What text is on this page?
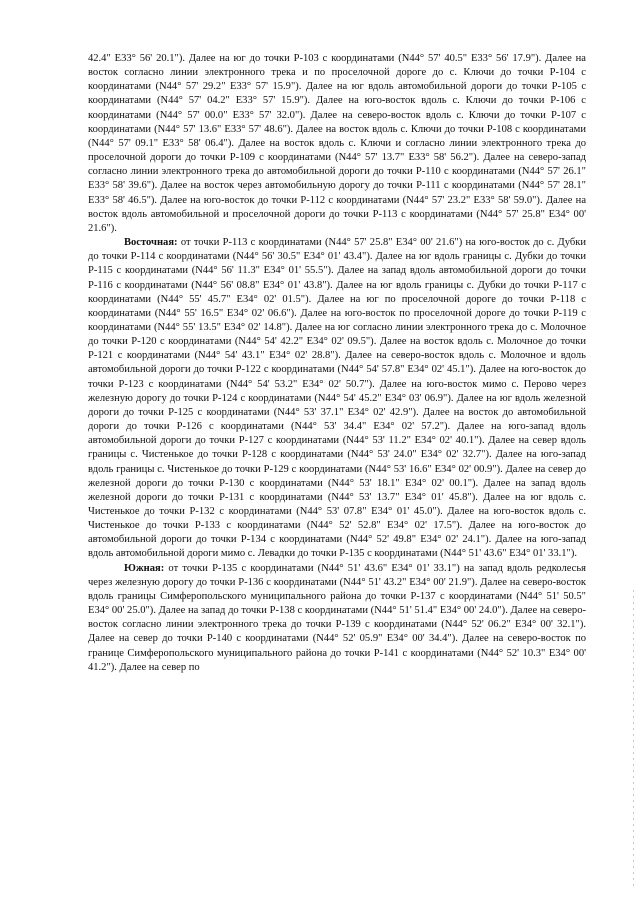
42.4" E33° 56' 20.1"). Далее на юг до точки Р-103 с координатами (N44° 57' 40.5" E33° 56' 17.9"). Далее на восток согласно линии электронного трека и по проселочной дороге до с. Ключи до точки Р-104 с координатами (N44° 57' 29.2" E33° 57' 15.9"). Далее на юг вдоль автомобильной дороги до точки Р-105 с координатами (N44° 57' 04.2" E33° 57' 15.9"). Далее на юго-восток вдоль с. Ключи до точки Р-106 с координатами (N44° 57' 00.0" E33° 57' 32.0"). Далее на северо-восток вдоль с. Ключи до точки Р-107 с координатами (N44° 57' 13.6" E33° 57' 48.6"). Далее на восток вдоль с. Ключи до точки Р-108 с координатами (N44° 57' 09.1" E33° 58' 06.4"). Далее на восток вдоль с. Ключи и согласно линии электронного трека до проселочной дороги до точки Р-109 с координатами (N44° 57' 13.7" E33° 58' 56.2"). Далее на северо-запад согласно линии электронного трека до автомобильной дороги до точки Р-110 с координатами (N44° 57' 26.1" E33° 58' 39.6"). Далее на восток через автомобильную дорогу до точки Р-111 с координатами (N44° 57' 28.1" E33° 58' 46.5"). Далее на юго-восток до точки Р-112 с координатами (N44° 57' 23.2" E33° 58' 59.0"). Далее на восток вдоль автомобильной и проселочной дороги до точки Р-113 с координатами (N44° 57' 25.8" E34° 00' 21.6").

Восточная: от точки Р-113 с координатами (N44° 57' 25.8" E34° 00' 21.6") на юго-восток до с. Дубки до точки Р-114 с координатами (N44° 56' 30.5" E34° 01' 43.4"). Далее на юг вдоль границы с. Дубки до точки Р-115 с координатами (N44° 56' 11.3" E34° 01' 55.5"). Далее на запад вдоль автомобильной дороги до точки Р-116 с координатами (N44° 56' 08.8" E34° 01' 43.8"). Далее на юг вдоль границы с. Дубки до точки Р-117 с координатами (N44° 55' 45.7" E34° 02' 01.5"). Далее на юг по проселочной дороге до точки Р-118 с координатами (N44° 55' 16.5" E34° 02' 06.6"). Далее на юго-восток по проселочной дороге до точки Р-119 с координатами (N44° 55' 13.5" E34° 02' 14.8"). Далее на юг согласно линии электронного трека до с. Молочное до точки Р-120 с координатами (N44° 54' 42.2" E34° 02' 09.5"). Далее на восток вдоль с. Молочное до точки Р-121 с координатами (N44° 54' 43.1" E34° 02' 28.8"). Далее на северо-восток вдоль с. Молочное и вдоль автомобильной дороги до точки Р-122 с координатами (N44° 54' 57.8" E34° 02' 45.1"). Далее на юго-восток до точки Р-123 с координатами (N44° 54' 53.2" E34° 02' 50.7"). Далее на юго-восток мимо с. Перово через железную дорогу до точки Р-124 с координатами (N44° 54' 45.2" E34° 03' 06.9"). Далее на юг вдоль железной дороги до точки Р-125 с координатами (N44° 53' 37.1" E34° 02' 42.9"). Далее на восток до автомобильной дороги до точки Р-126 с координатами (N44° 53' 34.4" E34° 02' 57.2"). Далее на юго-запад вдоль автомобильной дороги до точки Р-127 с координатами (N44° 53' 11.2" E34° 02' 40.1"). Далее на север вдоль границы с. Чистенькое до точки Р-128 с координатами (N44° 53' 24.0" E34° 02' 32.7"). Далее на юго-запад вдоль границы с. Чистенькое до точки Р-129 с координатами (N44° 53' 16.6" E34° 02' 00.9"). Далее на север до железной дороги до точки Р-130 с координатами (N44° 53' 18.1" E34° 02' 00.1"). Далее на запад вдоль железной дороги до точки Р-131 с координатами (N44° 53' 13.7" E34° 01' 45.8"). Далее на юг вдоль с. Чистенькое до точки Р-132 с координатами (N44° 53' 07.8" E34° 01' 45.0"). Далее на юго-восток вдоль с. Чистенькое до точки Р-133 с координатами (N44° 52' 52.8" E34° 02' 17.5"). Далее на юго-восток до автомобильной дороги до точки Р-134 с координатами (N44° 52' 49.8" E34° 02' 24.1"). Далее на юго-запад вдоль автомобильной дороги мимо с. Левадки до точки Р-135 с координатами (N44° 51' 43.6" E34° 01' 33.1").

Южная: от точки Р-135 с координатами (N44° 51' 43.6" E34° 01' 33.1") на запад вдоль редколесья через железную дорогу до точки Р-136 с координатами (N44° 51' 43.2" E34° 00' 21.9"). Далее на северо-восток вдоль границы Симферопольского муниципального района до точки Р-137 с координатами (N44° 51' 50.5" E34° 00' 25.0"). Далее на запад до точки Р-138 с координатами (N44° 51' 51.4" E34° 00' 24.0"). Далее на северо-восток согласно линии электронного трека до точки Р-139 с координатами (N44° 52' 06.2" E34° 00' 32.1"). Далее на север до точки Р-140 с координатами (N44° 52' 05.9" E34° 00' 34.4"). Далее на северо-восток по границе Симферопольского муниципального района до точки Р-141 с координатами (N44° 52' 10.3" E34° 00' 41.2"). Далее на север по
